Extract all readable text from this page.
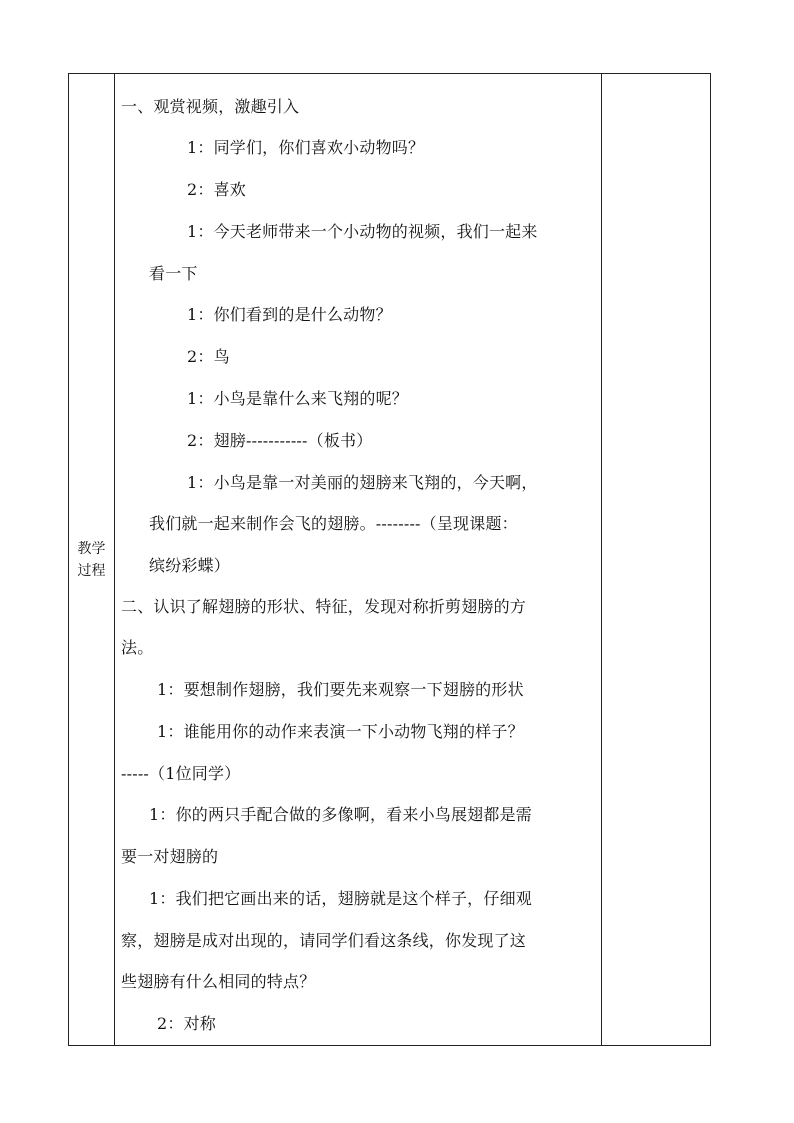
教学过程
一、观赏视频，激趣引入
1：同学们，你们喜欢小动物吗？
2：喜欢
1：今天老师带来一个小动物的视频，我们一起来
看一下
1：你们看到的是什么动物？
2：鸟
1：小鸟是靠什么来飞翔的呢？
2：翅膀-----------（板书）
1：小鸟是靠一对美丽的翅膀来飞翔的，今天啊，
我们就一起来制作会飞的翅膀。--------（呈现课题：
缤纷彩蝶）
二、认识了解翅膀的形状、特征，发现对称折剪翅膀的方
法。
1：要想制作翅膀，我们要先来观察一下翅膀的形状
1：谁能用你的动作来表演一下小动物飞翔的样子？
-----（1位同学）
1：你的两只手配合做的多像啊，看来小鸟展翅都是需
要一对翅膀的
1：我们把它画出来的话，翅膀就是这个样子，仔细观
察，翅膀是成对出现的，请同学们看这条线，你发现了这
些翅膀有什么相同的特点？
2：对称
